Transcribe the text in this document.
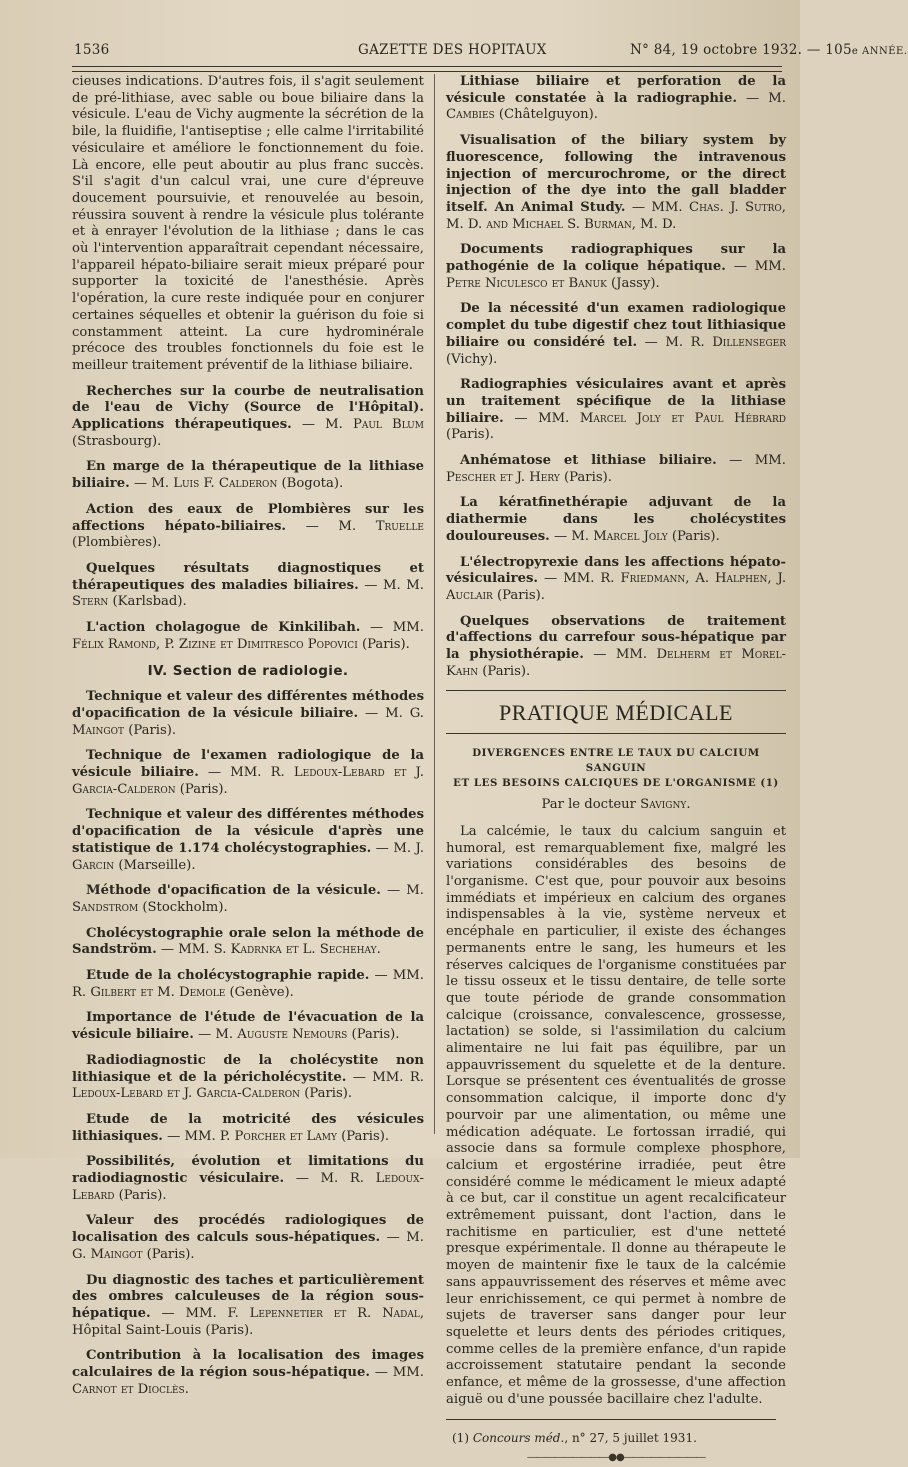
1536	GAZETTE DES HOPITAUX	N° 84, 19 octobre 1932. — 105e ANNÉE.

cieuses indications. D'autres fois, il s'agit seulement de pré-lithiase, avec sable ou boue biliaire dans la vésicule. L'eau de Vichy augmente la sécrétion de la bile, la fluidifie, l'antiseptise ; elle calme l'irritabilité vésiculaire et améliore le fonctionnement du foie. Là encore, elle peut aboutir au plus franc succès. S'il s'agit d'un calcul vrai, une cure d'épreuve doucement poursuivie, et renouvelée au besoin, réussira souvent à rendre la vésicule plus tolérante et à enrayer l'évolution de la lithiase ; dans le cas où l'intervention apparaîtrait cependant nécessaire, l'appareil hépato-biliaire serait mieux préparé pour supporter la toxicité de l'anesthésie. Après l'opération, la cure reste indiquée pour en conjurer certaines séquelles et obtenir la guérison du foie si constamment atteint. La cure hydrominérale précoce des troubles fonctionnels du foie est le meilleur traitement préventif de la lithiase biliaire.

Recherches sur la courbe de neutralisation de l'eau de Vichy (Source de l'Hôpital). Applications thérapeutiques. — M. Paul Blum (Strasbourg).

En marge de la thérapeutique de la lithiase biliaire. — M. Luis F. Calderon (Bogota).

Action des eaux de Plombières sur les affections hépato-biliaires. — M. Truelle (Plombières).

Quelques résultats diagnostiques et thérapeutiques des maladies biliaires. — M. M. Stern (Karlsbad).

L'action cholagogue de Kinkilibah. — MM. Félix Ramond, P. Zizine et Dimitresco Popovici (Paris).

IV. Section de radiologie.

Technique et valeur des différentes méthodes d'opacification de la vésicule biliaire. — M. G. Maingot (Paris).

Technique de l'examen radiologique de la vésicule biliaire. — MM. R. Ledoux-Lebard et J. Garcia-Calderon (Paris).

Technique et valeur des différentes méthodes d'opacification de la vésicule d'après une statistique de 1.174 cholécystographies. — M. J. Garcin (Marseille).

Méthode d'opacification de la vésicule. — M. Sandstrom (Stockholm).

Cholécystographie orale selon la méthode de Sandström. — MM. S. Kadrnka et L. Sechehay.

Etude de la cholécystographie rapide. — MM. R. Gilbert et M. Demole (Genève).

Importance de l'étude de l'évacuation de la vésicule biliaire. — M. Auguste Nemours (Paris).

Radiodiagnostic de la cholécystite non lithiasique et de la péricholécystite. — MM. R. Ledoux-Lebard et J. Garcia-Calderon (Paris).

Etude de la motricité des vésicules lithiasiques. — MM. P. Porcher et Lamy (Paris).

Possibilités, évolution et limitations du radiodiagnostic vésiculaire. — M. R. Ledoux-Lebard (Paris).

Valeur des procédés radiologiques de localisation des calculs sous-hépatiques. — M. G. Maingot (Paris).

Du diagnostic des taches et particulièrement des ombres calculeuses de la région sous-hépatique. — MM. F. Lepennetier et R. Nadal, Hôpital Saint-Louis (Paris).

Contribution à la localisation des images calculaires de la région sous-hépatique. — MM. Carnot et Dioclès.

Lithiase biliaire et perforation de la vésicule constatée à la radiographie. — M. Cambies (Châtelguyon).

Visualisation of the biliary system by fluorescence, following the intravenous injection of mercurochrome, or the direct injection of the dye into the gall bladder itself. An Animal Study. — MM. Chas. J. Sutro, M. D. and Michael S. Burman, M. D.

Documents radiographiques sur la pathogénie de la colique hépatique. — MM. Petre Niculesco et Banuk (Jassy).

De la nécessité d'un examen radiologique complet du tube digestif chez tout lithiasique biliaire ou considéré tel. — M. R. Dillenseger (Vichy).

Radiographies vésiculaires avant et après un traitement spécifique de la lithiase biliaire. — MM. Marcel Joly et Paul Hébrard (Paris).

Anhématose et lithiase biliaire. — MM. Pescher et J. Hery (Paris).

La kératfinethérapie adjuvant de la diathermie dans les cholécystites douloureuses. — M. Marcel Joly (Paris).

L'électropyrexie dans les affections hépato-vésiculaires. — MM. R. Friedmann, A. Halphen, J. Auclair (Paris).

Quelques observations de traitement d'affections du carrefour sous-hépatique par la physiothérapie. — MM. Delherm et Morel-Kahn (Paris).

PRATIQUE MÉDICALE
DIVERGENCES ENTRE LE TAUX DU CALCIUM SANGUIN
ET LES BESOINS CALCIQUES DE L'ORGANISME (1)
Par le docteur Savigny.

La calcémie, le taux du calcium sanguin et humoral, est remarquablement fixe, malgré les variations considérables des besoins de l'organisme. C'est que, pour pouvoir aux besoins immédiats et impérieux en calcium des organes indispensables à la vie, système nerveux et encéphale en particulier, il existe des échanges permanents entre le sang, les humeurs et les réserves calciques de l'organisme constituées par le tissu osseux et le tissu dentaire, de telle sorte que toute période de grande consommation calcique (croissance, convalescence, grossesse, lactation) se solde, si l'assimilation du calcium alimentaire ne lui fait pas équilibre, par un appauvrissement du squelette et de la denture. Lorsque se présentent ces éventualités de grosse consommation calcique, il importe donc d'y pourvoir par une alimentation, ou même une médication adéquate. Le fortossan irradié, qui associe dans sa formule complexe phosphore, calcium et ergostérine irradiée, peut être considéré comme le médicament le mieux adapté à ce but, car il constitue un agent recalcificateur extrêmement puissant, dont l'action, dans le rachitisme en particulier, est d'une netteté presque expérimentale. Il donne au thérapeute le moyen de maintenir fixe le taux de la calcémie sans appauvrissement des réserves et même avec leur enrichissement, ce qui permet à nombre de sujets de traverser sans danger pour leur squelette et leurs dents des périodes critiques, comme celles de la première enfance, d'un rapide accroissement statutaire pendant la seconde enfance, et même de la grossesse, d'une affection aiguë ou d'une poussée bacillaire chez l'adulte.

(1) Concours méd., n° 27, 5 juillet 1931.

―――――――――●●―――――――――
